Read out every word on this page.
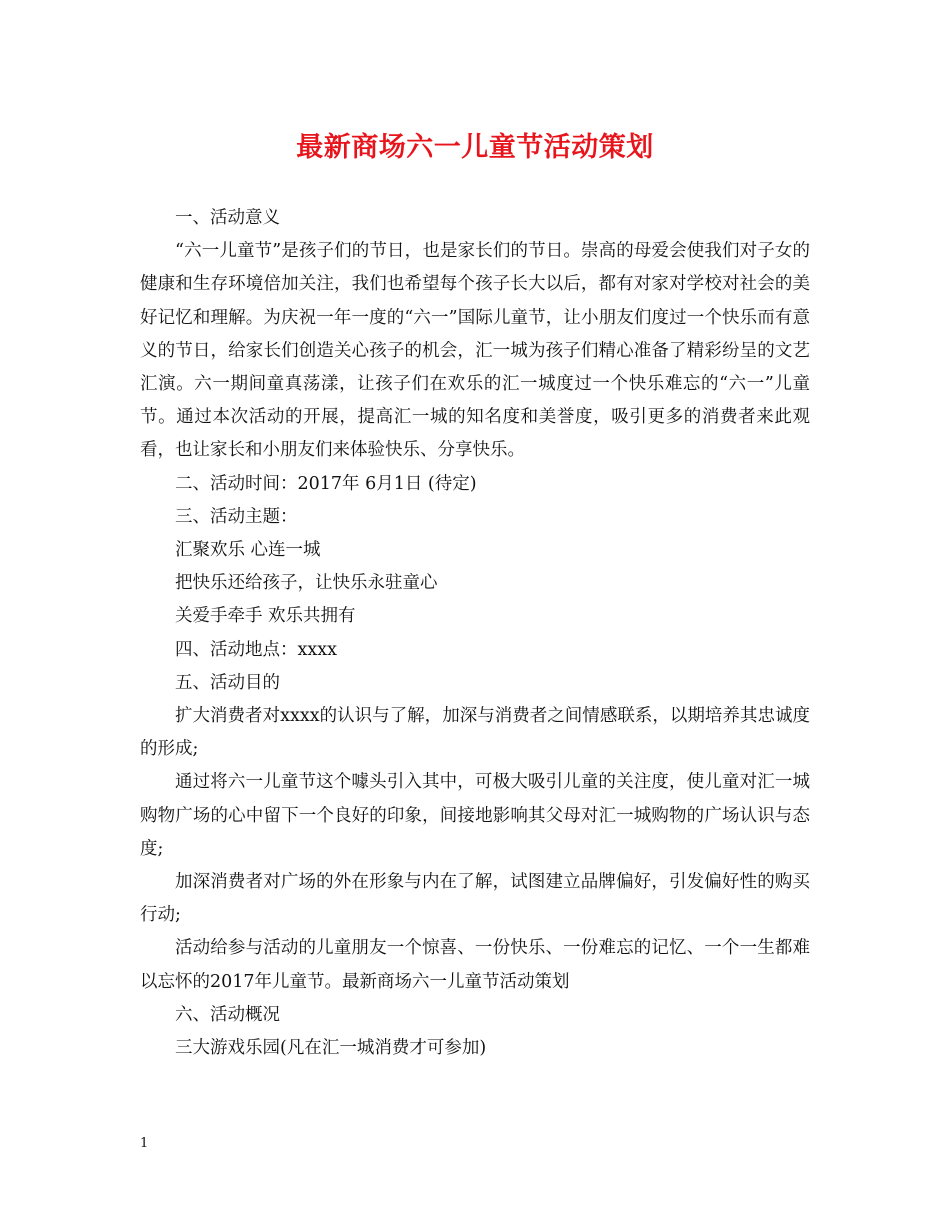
最新商场六一儿童节活动策划

一、活动意义

“六一儿童节”是孩子们的节日，也是家长们的节日。崇高的母爱会使我们对子女的健康和生存环境倍加关注，我们也希望每个孩子长大以后，都有对家对学校对社会的美好记忆和理解。为庆祝一年一度的“六一”国际儿童节，让小朋友们度过一个快乐而有意义的节日，给家长们创造关心孩子的机会，汇一城为孩子们精心准备了精彩纷呈的文艺汇演。六一期间童真荡漾，让孩子们在欢乐的汇一城度过一个快乐难忘的“六一”儿童节。通过本次活动的开展，提高汇一城的知名度和美誉度，吸引更多的消费者来此观看，也让家长和小朋友们来体验快乐、分享快乐。

二、活动时间：2017年 6月1日 (待定)

三、活动主题：

汇聚欢乐 心连一城

把快乐还给孩子，让快乐永驻童心

关爱手牵手 欢乐共拥有

四、活动地点：xxxx

五、活动目的

扩大消费者对xxxx的认识与了解，加深与消费者之间情感联系，以期培养其忠诚度的形成;

通过将六一儿童节这个噱头引入其中，可极大吸引儿童的关注度，使儿童对汇一城购物广场的心中留下一个良好的印象，间接地影响其父母对汇一城购物的广场认识与态度;

加深消费者对广场的外在形象与内在了解，试图建立品牌偏好，引发偏好性的购买行动;

活动给参与活动的儿童朋友一个惊喜、一份快乐、一份难忘的记忆、一个一生都难以忘怀的2017年儿童节。最新商场六一儿童节活动策划

六、活动概况

三大游戏乐园(凡在汇一城消费才可参加)

1
